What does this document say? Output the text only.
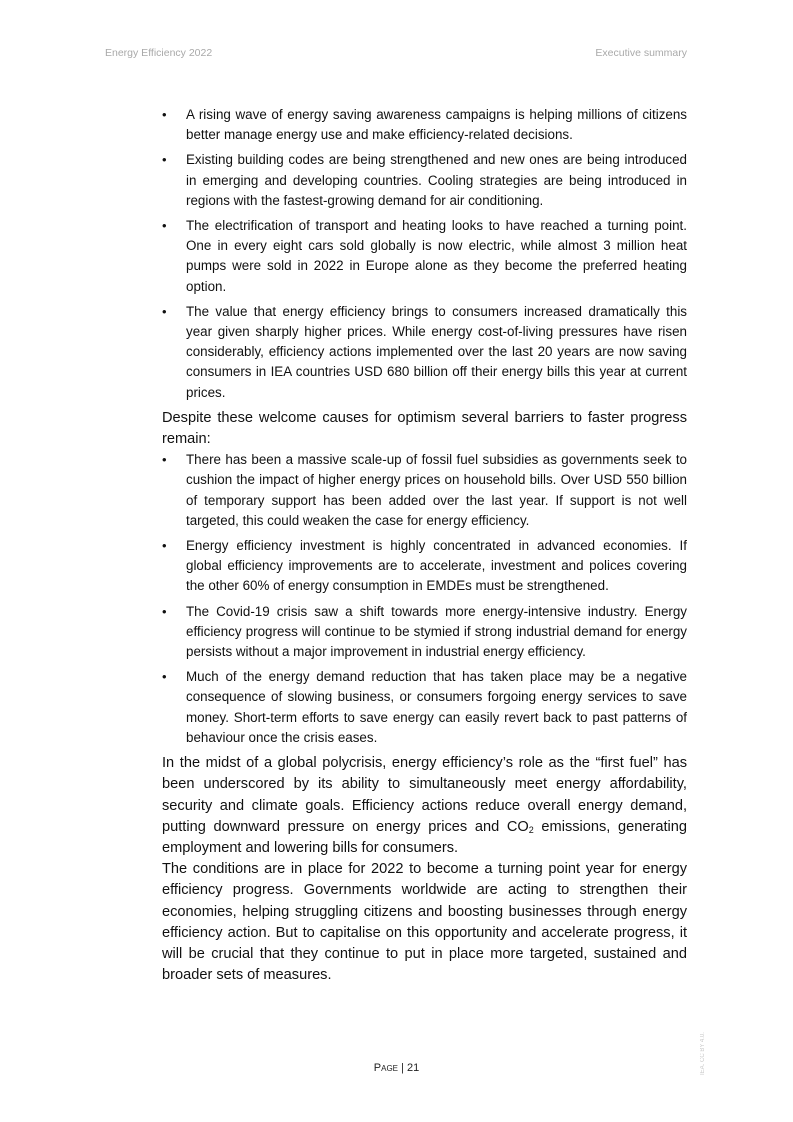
Energy Efficiency 2022	Executive summary
•
A rising wave of energy saving awareness campaigns is helping millions of citizens better manage energy use and make efficiency-related decisions.
•
Existing building codes are being strengthened and new ones are being introduced in emerging and developing countries. Cooling strategies are being introduced in regions with the fastest-growing demand for air conditioning.
•
The electrification of transport and heating looks to have reached a turning point. One in every eight cars sold globally is now electric, while almost 3 million heat pumps were sold in 2022 in Europe alone as they become the preferred heating option.
•
The value that energy efficiency brings to consumers increased dramatically this year given sharply higher prices. While energy cost-of-living pressures have risen considerably, efficiency actions implemented over the last 20 years are now saving consumers in IEA countries USD 680 billion off their energy bills this year at current prices.

Despite these welcome causes for optimism several barriers to faster progress remain:

•
There has been a massive scale-up of fossil fuel subsidies as governments seek to cushion the impact of higher energy prices on household bills. Over USD 550 billion of temporary support has been added over the last year. If support is not well targeted, this could weaken the case for energy efficiency.
•
Energy efficiency investment is highly concentrated in advanced economies. If global efficiency improvements are to accelerate, investment and polices covering the other 60% of energy consumption in EMDEs must be strengthened.
•
The Covid-19 crisis saw a shift towards more energy-intensive industry. Energy efficiency progress will continue to be stymied if strong industrial demand for energy persists without a major improvement in industrial energy efficiency.
•
Much of the energy demand reduction that has taken place may be a negative consequence of slowing business, or consumers forgoing energy services to save money. Short-term efforts to save energy can easily revert back to past patterns of behaviour once the crisis eases.

In the midst of a global polycrisis, energy efficiency’s role as the “first fuel” has been underscored by its ability to simultaneously meet energy affordability, security and climate goals. Efficiency actions reduce overall energy demand, putting downward pressure on energy prices and $CO_2$ emissions, generating employment and lowering bills for consumers.

The conditions are in place for 2022 to become a turning point year for energy efficiency progress. Governments worldwide are acting to strengthen their economies, helping struggling citizens and boosting businesses through energy efficiency action. But to capitalise on this opportunity and accelerate progress, it will be crucial that they continue to put in place more targeted, sustained and broader sets of measures.

Page | 21	IEA. CC BY 4.0.
